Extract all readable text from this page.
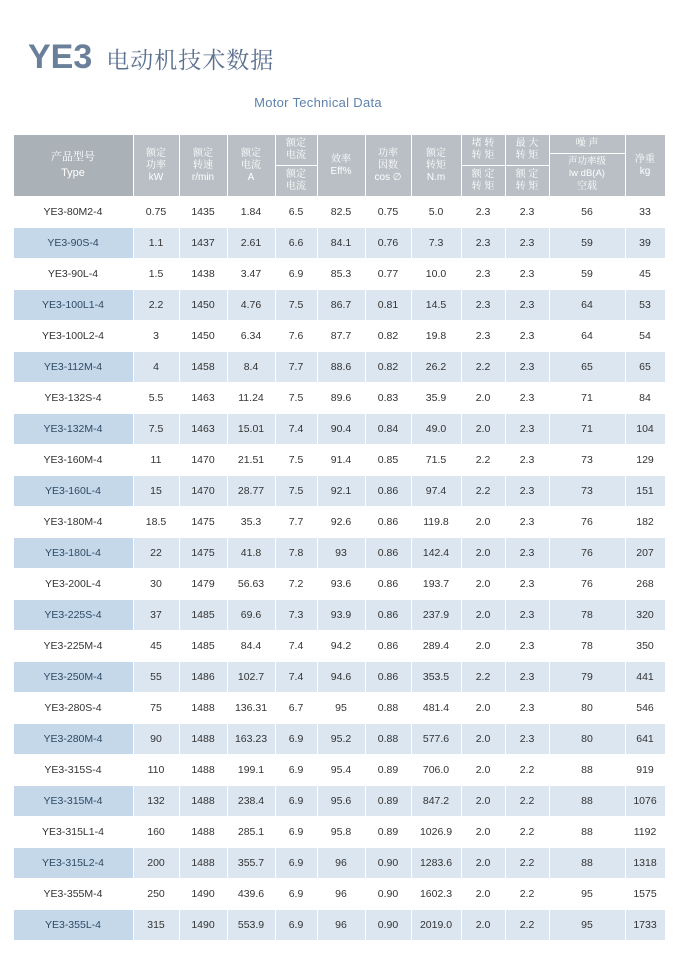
YE3 电动机技术数据
Motor Technical Data
产品型号
Type

额定
功率
kW

额定
转速
r/min

额定
电流
A

额定
电流
额定
电流

效率
Eff%

功率
因数
cos ∅

额定
转矩
N.m

堵 转
转 矩
额 定
转 矩

最 大
转 矩
额 定
转 矩

噪 声
声功率级
lw dB(A)
空载

净重
kg

YE3-80M2-4	0.75	1435	1.84	6.5	82.5	0.75	5.0	2.3	2.3	56	33
YE3-90S-4	1.1	1437	2.61	6.6	84.1	0.76	7.3	2.3	2.3	59	39
YE3-90L-4	1.5	1438	3.47	6.9	85.3	0.77	10.0	2.3	2.3	59	45
YE3-100L1-4	2.2	1450	4.76	7.5	86.7	0.81	14.5	2.3	2.3	64	53
YE3-100L2-4	3	1450	6.34	7.6	87.7	0.82	19.8	2.3	2.3	64	54
YE3-112M-4	4	1458	8.4	7.7	88.6	0.82	26.2	2.2	2.3	65	65
YE3-132S-4	5.5	1463	11.24	7.5	89.6	0.83	35.9	2.0	2.3	71	84
YE3-132M-4	7.5	1463	15.01	7.4	90.4	0.84	49.0	2.0	2.3	71	104
YE3-160M-4	11	1470	21.51	7.5	91.4	0.85	71.5	2.2	2.3	73	129
YE3-160L-4	15	1470	28.77	7.5	92.1	0.86	97.4	2.2	2.3	73	151
YE3-180M-4	18.5	1475	35.3	7.7	92.6	0.86	119.8	2.0	2.3	76	182
YE3-180L-4	22	1475	41.8	7.8	93	0.86	142.4	2.0	2.3	76	207
YE3-200L-4	30	1479	56.63	7.2	93.6	0.86	193.7	2.0	2.3	76	268
YE3-225S-4	37	1485	69.6	7.3	93.9	0.86	237.9	2.0	2.3	78	320
YE3-225M-4	45	1485	84.4	7.4	94.2	0.86	289.4	2.0	2.3	78	350
YE3-250M-4	55	1486	102.7	7.4	94.6	0.86	353.5	2.2	2.3	79	441
YE3-280S-4	75	1488	136.31	6.7	95	0.88	481.4	2.0	2.3	80	546
YE3-280M-4	90	1488	163.23	6.9	95.2	0.88	577.6	2.0	2.3	80	641
YE3-315S-4	110	1488	199.1	6.9	95.4	0.89	706.0	2.0	2.2	88	919
YE3-315M-4	132	1488	238.4	6.9	95.6	0.89	847.2	2.0	2.2	88	1076
YE3-315L1-4	160	1488	285.1	6.9	95.8	0.89	1026.9	2.0	2.2	88	1192
YE3-315L2-4	200	1488	355.7	6.9	96	0.90	1283.6	2.0	2.2	88	1318
YE3-355M-4	250	1490	439.6	6.9	96	0.90	1602.3	2.0	2.2	95	1575
YE3-355L-4	315	1490	553.9	6.9	96	0.90	2019.0	2.0	2.2	95	1733
